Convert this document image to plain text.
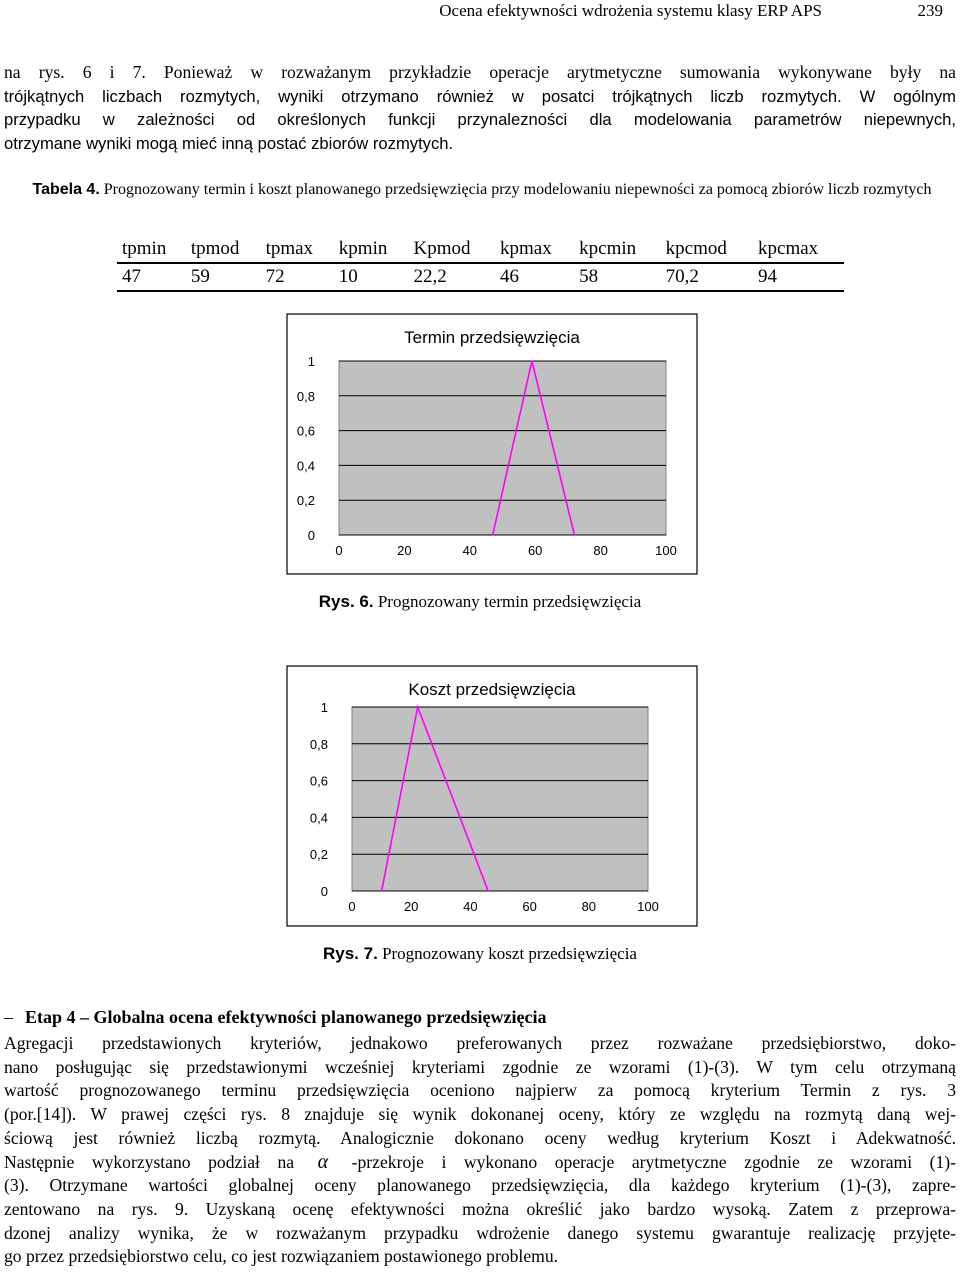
Ocena efektywności wdrożenia systemu klasy ERP APS	239
na rys. 6 i 7. Ponieważ w rozważanym przykładzie operacje arytmetyczne sumowania wykonywane były na
trójkątnych liczbach rozmytych, wyniki otrzymano również w posatci trójkątnych liczb rozmytych. W ogólnym
przypadku w zależności od określonych funkcji przynalezności dla modelowania parametrów niepewnych,
otrzymane wyniki mogą mieć inną postać zbiorów rozmytych.
Tabela 4. Prognozowany termin i koszt planowanego przedsięwzięcia przy modelowaniu niepewności za pomocą zbiorów liczb rozmytych
tpmin	tpmod	tpmax	kpmin	Kpmod	kpmax	kpcmin	kpcmod	kpcmax
47	59	72	10	22,2	46	58	70,2	94
Termin przedsięwzięcia
0
0,2
0,4
0,6
0,8
1
0	20	40	60	80	100
Rys. 6. Prognozowany termin przedsięwzięcia
Koszt przedsięwzięcia
0
0,2
0,4
0,6
0,8
1
0	20	40	60	80	100
Rys. 7. Prognozowany koszt przedsięwzięcia
– Etap 4 – Globalna ocena efektywności planowanego przedsięwzięcia
Agregacji przedstawionych kryteriów, jednakowo preferowanych przez rozważane przedsiębiorstwo, doko-
nano posługując się przedstawionymi wcześniej kryteriami zgodnie ze wzorami (1)-(3). W tym celu otrzymaną
wartość prognozowanego terminu przedsięwzięcia oceniono najpierw za pomocą kryterium Termin z rys. 3
(por.[14]). W prawej części rys. 8 znajduje się wynik dokonanej oceny, który ze względu na rozmytą daną wej-
ściową jest również liczbą rozmytą. Analogicznie dokonano oceny według kryterium Koszt i Adekwatność.
Następnie wykorzystano podział na α -przekroje i wykonano operacje arytmetyczne zgodnie ze wzorami (1)-
(3). Otrzymane wartości globalnej oceny planowanego przedsięwzięcia, dla każdego kryterium (1)-(3), zapre-
zentowano na rys. 9. Uzyskaną ocenę efektywności można określić jako bardzo wysoką. Zatem z przeprowa-
dzonej analizy wynika, że w rozważanym przypadku wdrożenie danego systemu gwarantuje realizację przyjęte-
go przez przedsiębiorstwo celu, co jest rozwiązaniem postawionego problemu.
